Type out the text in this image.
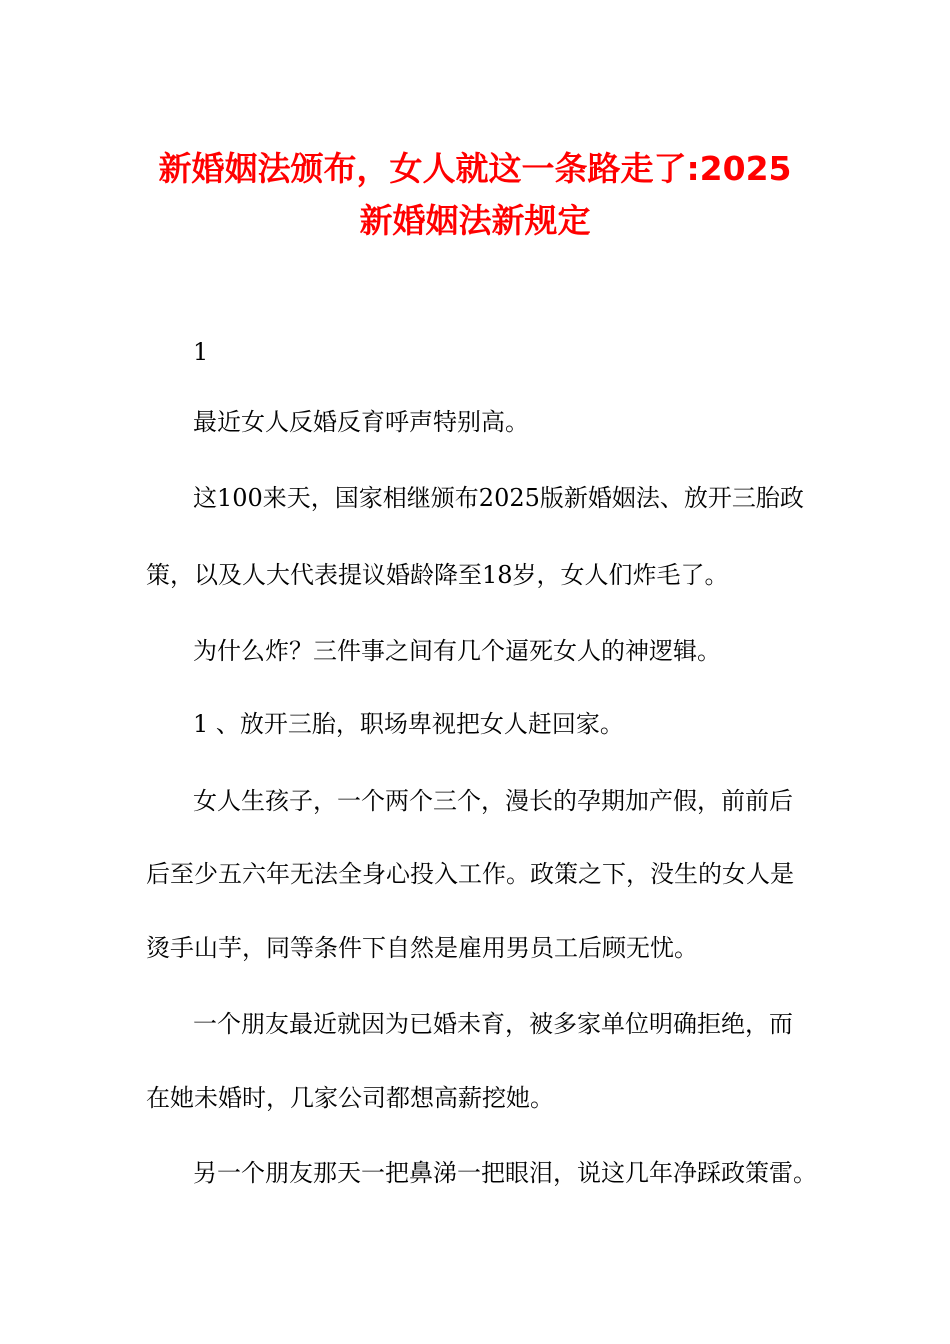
新婚姻法颁布，女人就这一条路走了:2025
新婚姻法新规定

1

最近女人反婚反育呼声特别高。

这100来天，国家相继颁布2025版新婚姻法、放开三胎政

策，以及人大代表提议婚龄降至18岁，女人们炸毛了。

为什么炸？三件事之间有几个逼死女人的神逻辑。

1 、放开三胎，职场卑视把女人赶回家。

女人生孩子，一个两个三个，漫长的孕期加产假，前前后

后至少五六年无法全身心投入工作。政策之下，没生的女人是

烫手山芋，同等条件下自然是雇用男员工后顾无忧。

一个朋友最近就因为已婚未育，被多家单位明确拒绝，而

在她未婚时，几家公司都想高薪挖她。

另一个朋友那天一把鼻涕一把眼泪，说这几年净踩政策雷。
